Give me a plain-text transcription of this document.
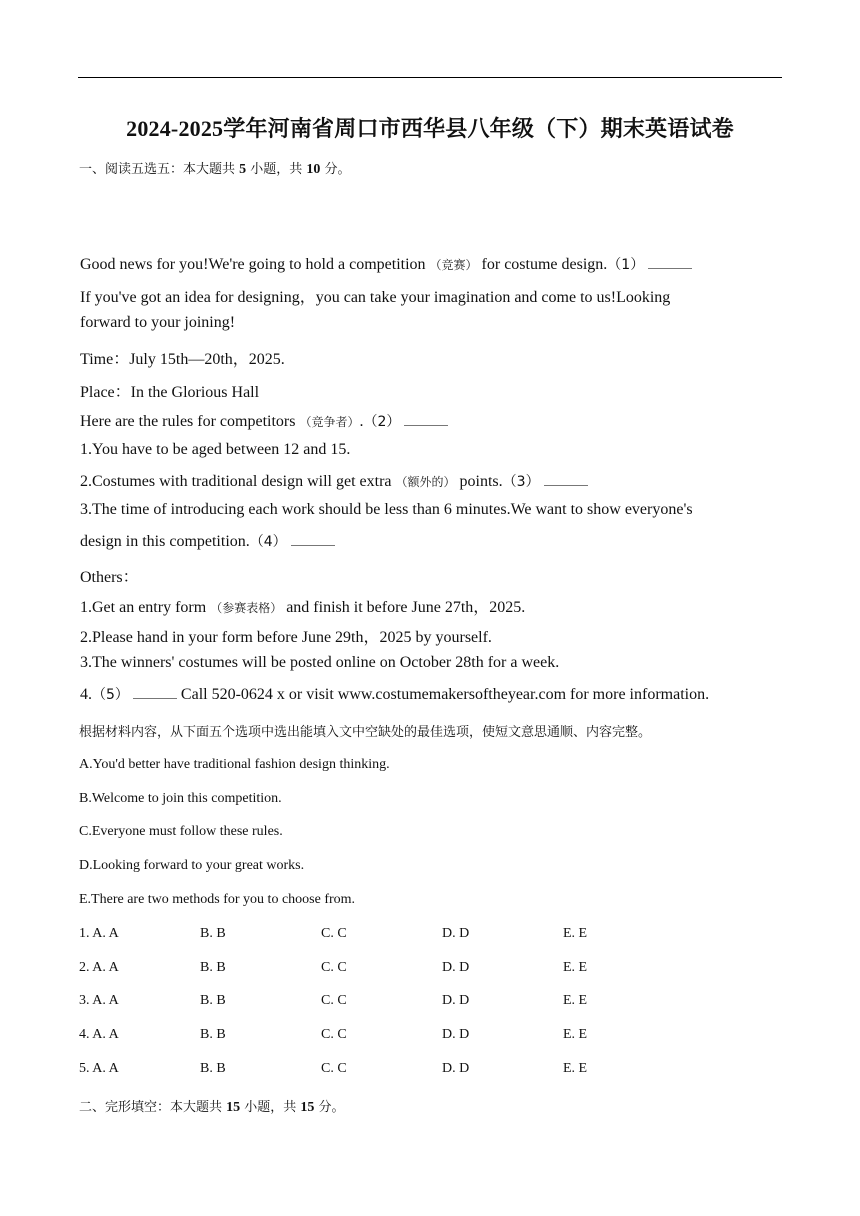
2024-2025学年河南省周口市西华县八年级（下）期末英语试卷
一、阅读五选五：本大题共 5 小题，共 10 分。
Good news for you!We're going to hold a competition （竞赛） for costume design.（1）
If you've got an idea for designing，you can take your imagination and come to us!Looking
forward to your joining!
Time：July 15th—20th，2025.
Place：In the Glorious Hall
Here are the rules for competitors （竞争者）.（2）
1.You have to be aged between 12 and 15.
2.Costumes with traditional design will get extra （额外的） points.（3）
3.The time of introducing each work should be less than 6 minutes.We want to show everyone's
design in this competition.（4）
Others：
1.Get an entry form （参赛表格） and finish it before June 27th，2025.
2.Please hand in your form before June 29th，2025 by yourself.
3.The winners' costumes will be posted online on October 28th for a week.
4.（5）	Call 520-0624 x or visit www.costumemakersoftheyear.com for more information.
根据材料内容，从下面五个选项中选出能填入文中空缺处的最佳选项，使短文意思通顺、内容完整。
A.You'd better have traditional fashion design thinking.
B.Welcome to join this competition.
C.Everyone must follow these rules.
D.Looking forward to your great works.
E.There are two methods for you to choose from.
1. A. A	B. B	C. C	D. D	E. E
2. A. A	B. B	C. C	D. D	E. E
3. A. A	B. B	C. C	D. D	E. E
4. A. A	B. B	C. C	D. D	E. E
5. A. A	B. B	C. C	D. D	E. E
二、完形填空：本大题共 15 小题，共 15 分。
